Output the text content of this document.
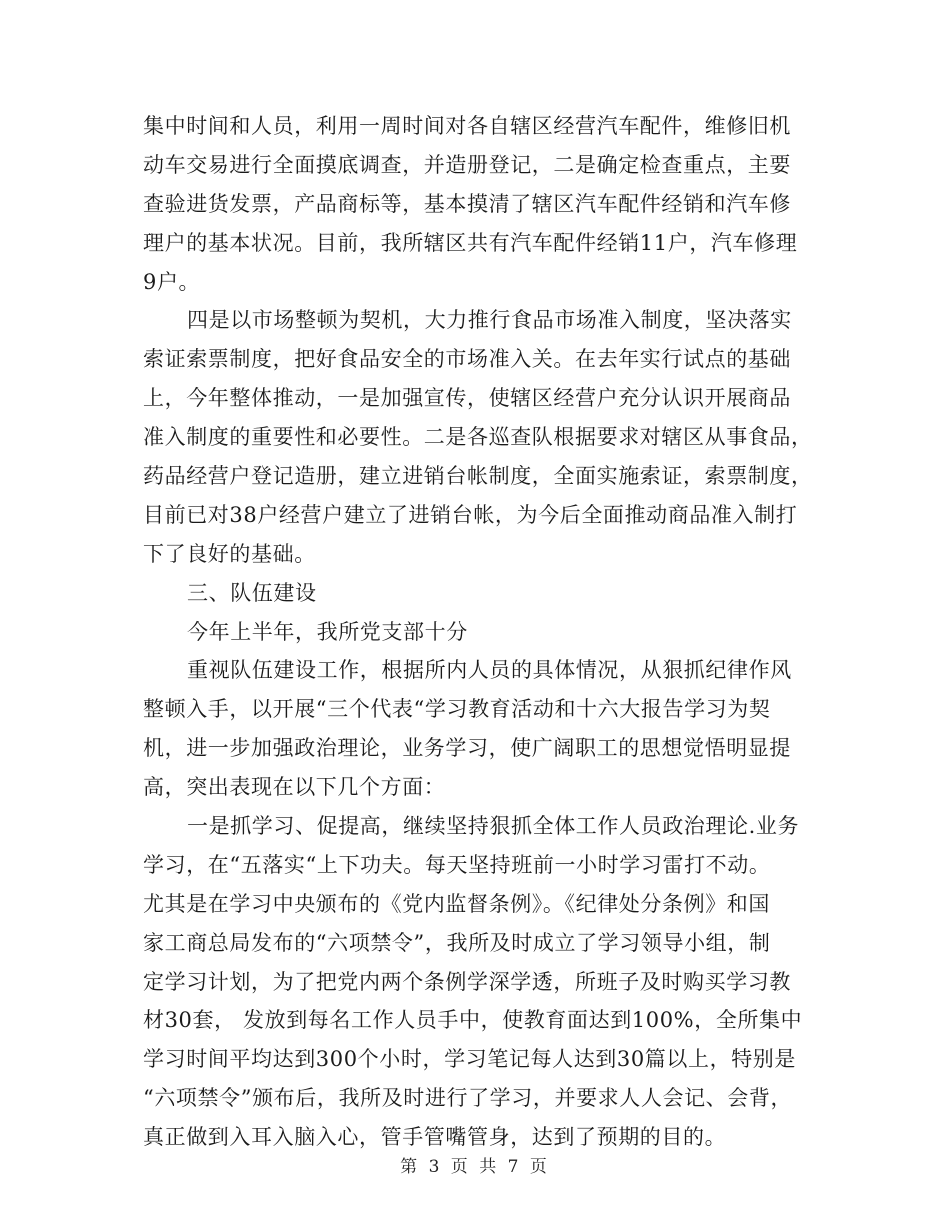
集中时间和人员，利用一周时间对各自辖区经营汽车配件，维修旧机
动车交易进行全面摸底调查，并造册登记，二是确定检查重点，主要
查验进货发票，产品商标等，基本摸清了辖区汽车配件经销和汽车修
理户的基本状况。目前，我所辖区共有汽车配件经销11户，汽车修理
9户。
四是以市场整顿为契机，大力推行食品市场准入制度，坚决落实
索证索票制度，把好食品安全的市场准入关。在去年实行试点的基础
上，今年整体推动，一是加强宣传，使辖区经营户充分认识开展商品
准入制度的重要性和必要性。二是各巡查队根据要求对辖区从事食品，
药品经营户登记造册，建立进销台帐制度，全面实施索证，索票制度，
目前已对38户经营户建立了进销台帐，为今后全面推动商品准入制打
下了良好的基础。
三、队伍建设
今年上半年，我所党支部十分
重视队伍建设工作，根据所内人员的具体情况，从狠抓纪律作风
整顿入手，以开展“三个代表“学习教育活动和十六大报告学习为契
机，进一步加强政治理论，业务学习，使广阔职工的思想觉悟明显提
高，突出表现在以下几个方面：
一是抓学习、促提高，继续坚持狠抓全体工作人员政治理论.业务
学习，在“五落实“上下功夫。每天坚持班前一小时学习雷打不动。
尤其是在学习中央颁布的《党内监督条例》。《纪律处分条例》和国
家工商总局发布的“六项禁令”，我所及时成立了学习领导小组，制
定学习计划，为了把党内两个条例学深学透，所班子及时购买学习教
材30套， 发放到每名工作人员手中，使教育面达到100%，全所集中
学习时间平均达到300个小时，学习笔记每人达到30篇以上，特别是
“六项禁令”颁布后，我所及时进行了学习，并要求人人会记、会背，
真正做到入耳入脑入心，管手管嘴管身，达到了预期的目的。
第 3 页 共 7 页
